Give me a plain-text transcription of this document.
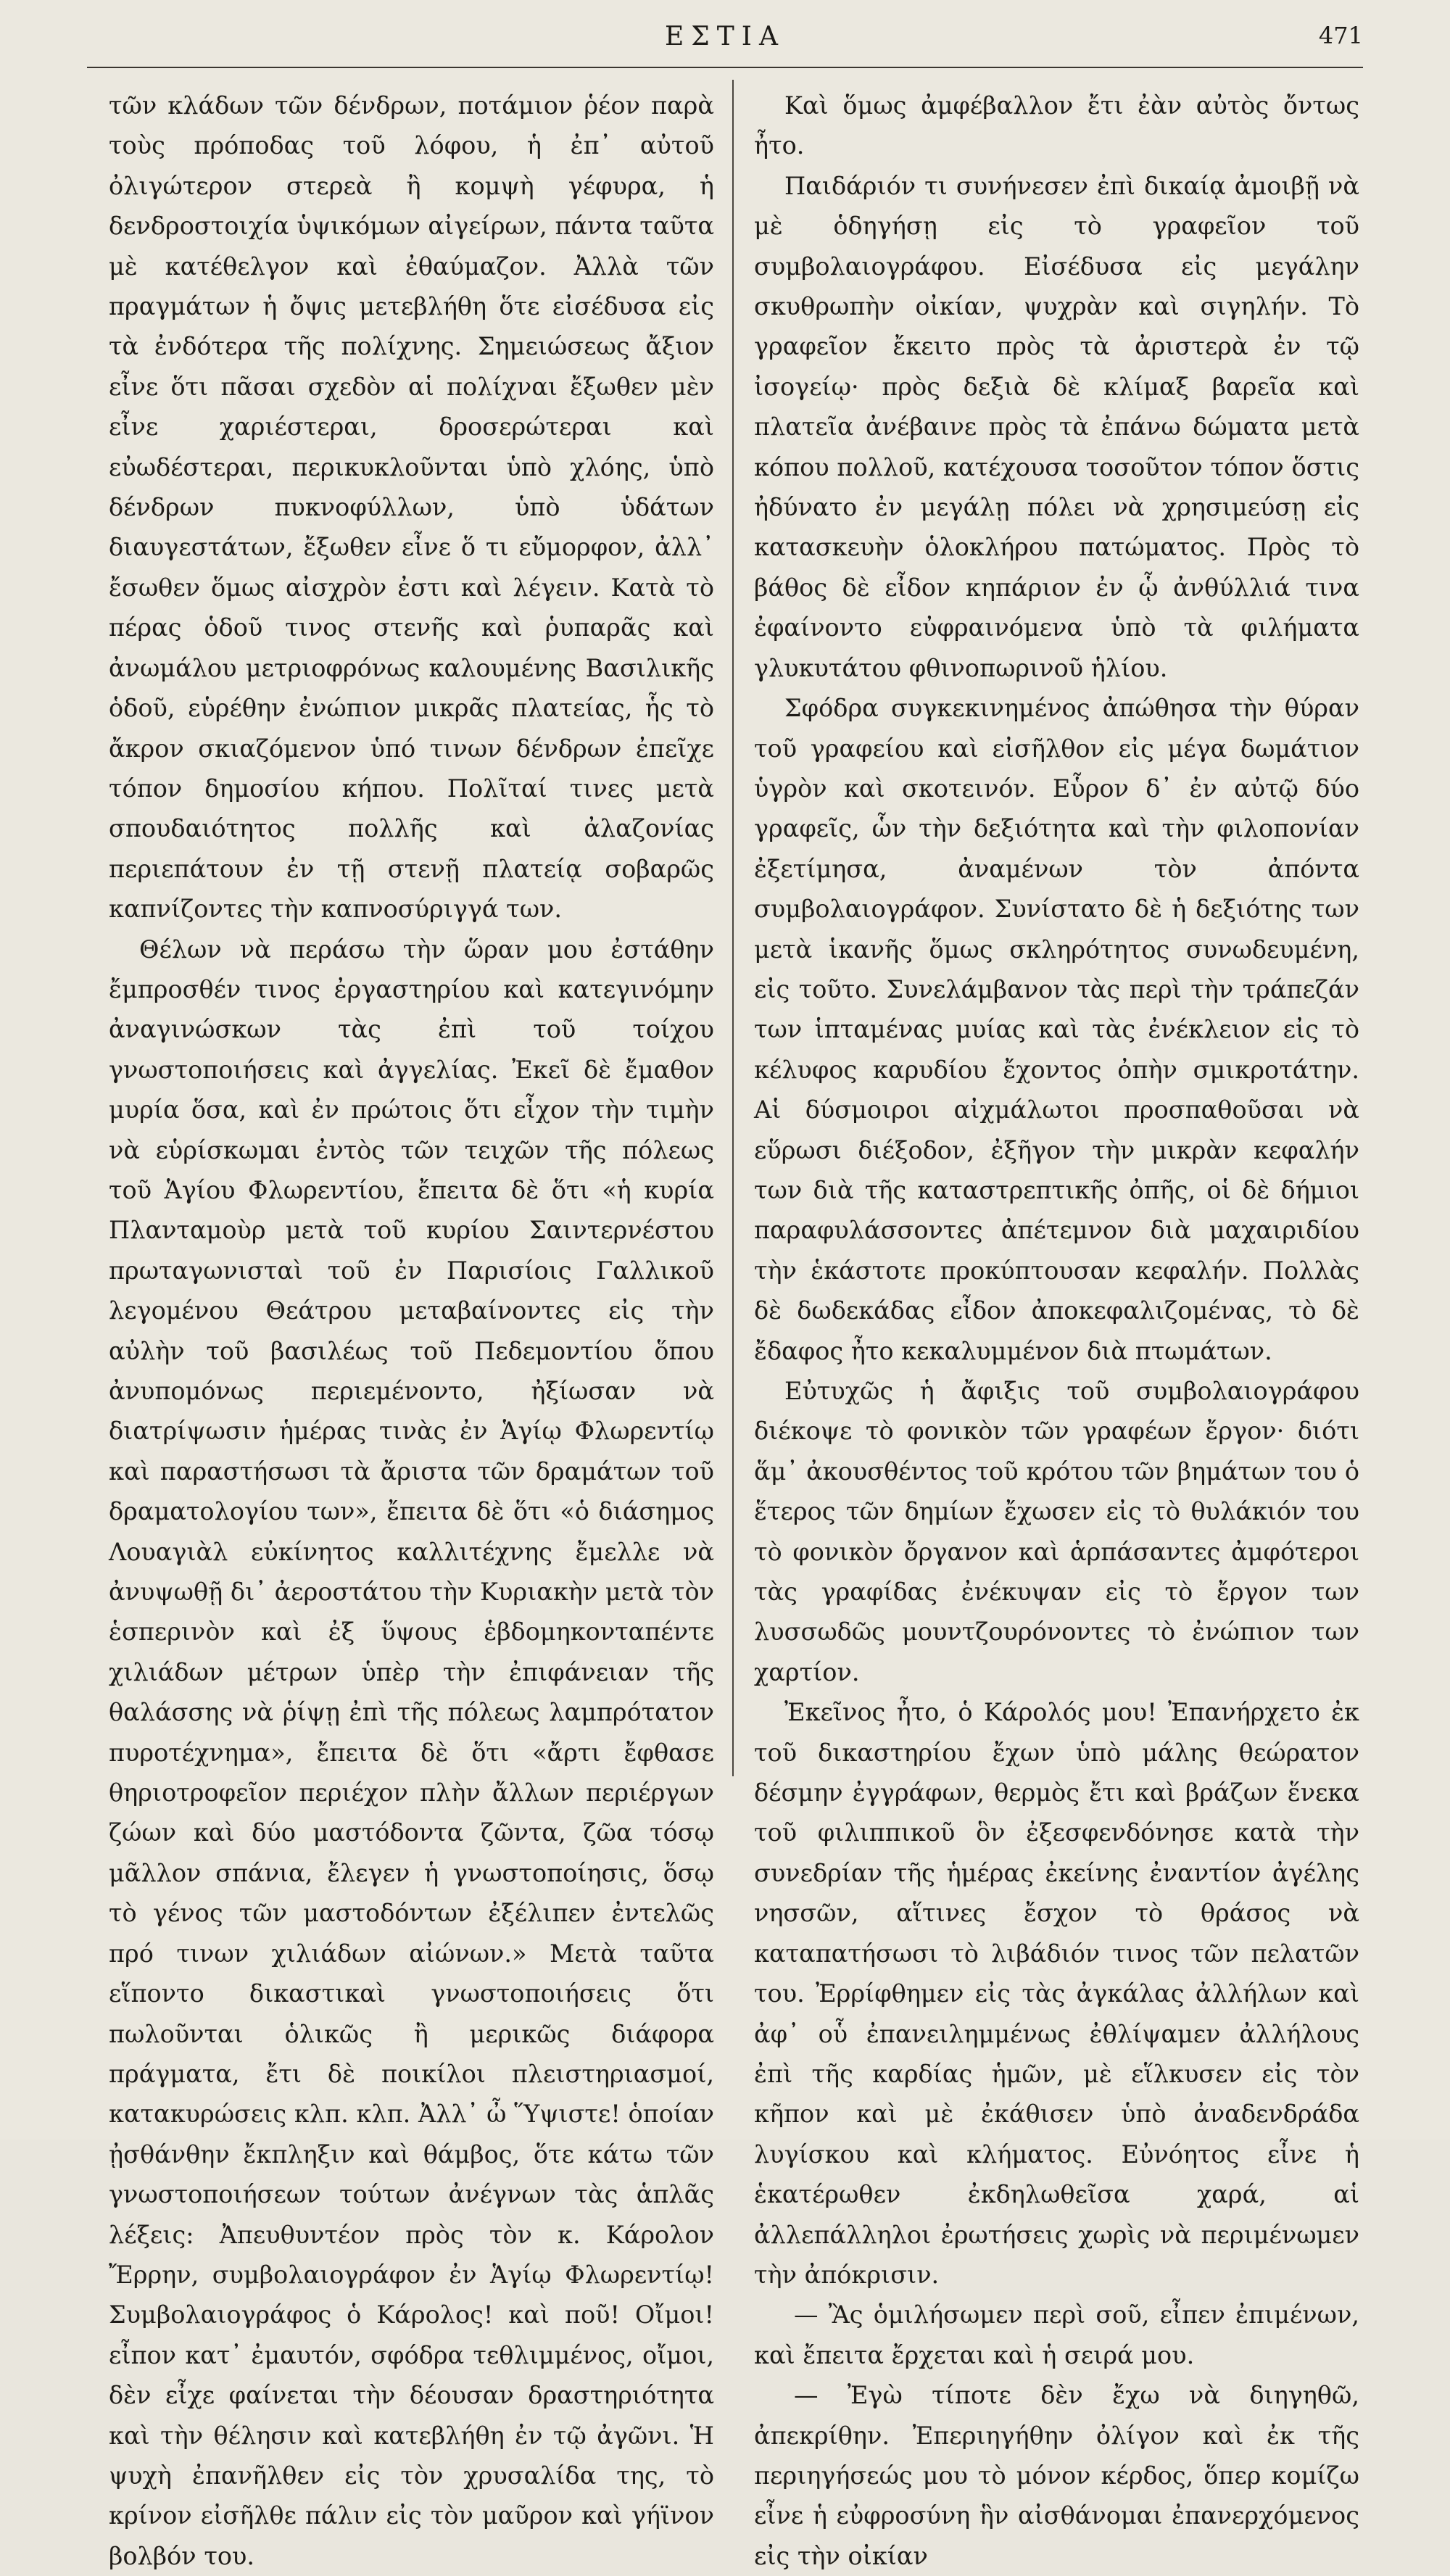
ΕΣΤΙΑ	471

τῶν κλάδων τῶν δένδρων, ποτάμιον ῥέον παρὰ τοὺς πρόποδας τοῦ λόφου, ἡ ἐπ᾽ αὐτοῦ ὀλιγώτερον στερεὰ ἢ κομψὴ γέφυρα, ἡ δενδροστοιχία ὑψικόμων αἰγείρων, πάντα ταῦτα μὲ κατέθελγον καὶ ἐθαύμαζον. Ἀλλὰ τῶν πραγμάτων ἡ ὄψις μετεβλήθη ὅτε εἰσέδυσα εἰς τὰ ἐνδότερα τῆς πολίχνης. Σημειώσεως ἄξιον εἶνε ὅτι πᾶσαι σχεδὸν αἱ πολίχναι ἔξωθεν μὲν εἶνε χαριέστεραι, δροσερώτεραι καὶ εὐωδέστεραι, περικυκλοῦνται ὑπὸ χλόης, ὑπὸ δένδρων πυκνοφύλλων, ὑπὸ ὑδάτων διαυγεστάτων, ἔξωθεν εἶνε ὅ τι εὔμορφον, ἀλλ᾽ ἔσωθεν ὅμως αἰσχρὸν ἐστι καὶ λέγειν. Κατὰ τὸ πέρας ὁδοῦ τινος στενῆς καὶ ῥυπαρᾶς καὶ ἀνωμάλου μετριοφρόνως καλουμένης Βασιλικῆς ὁδοῦ, εὑρέθην ἐνώπιον μικρᾶς πλατείας, ἧς τὸ ἄκρον σκιαζόμενον ὑπό τινων δένδρων ἐπεῖχε τόπον δημοσίου κήπου. Πολῖταί τινες μετὰ σπουδαιότητος πολλῆς καὶ ἀλαζονίας περιεπάτουν ἐν τῇ στενῇ πλατείᾳ σοβαρῶς καπνίζοντες τὴν καπνοσύριγγά των.

Θέλων νὰ περάσω τὴν ὥραν μου ἐστάθην ἔμπροσθέν τινος ἐργαστηρίου καὶ κατεγινόμην ἀναγινώσκων τὰς ἐπὶ τοῦ τοίχου γνωστοποιήσεις καὶ ἀγγελίας. Ἐκεῖ δὲ ἔμαθον μυρία ὅσα, καὶ ἐν πρώτοις ὅτι εἶχον τὴν τιμὴν νὰ εὑρίσκωμαι ἐντὸς τῶν τειχῶν τῆς πόλεως τοῦ Ἁγίου Φλωρεντίου, ἔπειτα δὲ ὅτι «ἡ κυρία Πλανταμοὺρ μετὰ τοῦ κυρίου Σαιντερνέστου πρωταγωνισταὶ τοῦ ἐν Παρισίοις Γαλλικοῦ λεγομένου Θεάτρου μεταβαίνοντες εἰς τὴν αὐλὴν τοῦ βασιλέως τοῦ Πεδεμοντίου ὅπου ἀνυπομόνως περιεμένοντο, ἠξίωσαν νὰ διατρίψωσιν ἡμέρας τινὰς ἐν Ἁγίῳ Φλωρεντίῳ καὶ παραστήσωσι τὰ ἄριστα τῶν δραμάτων τοῦ δραματολογίου των», ἔπειτα δὲ ὅτι «ὁ διάσημος Λουαγιὰλ εὐκίνητος καλλιτέχνης ἔμελλε νὰ ἀνυψωθῇ δι᾽ ἀεροστάτου τὴν Κυριακὴν μετὰ τὸν ἑσπερινὸν καὶ ἐξ ὕψους ἑβδομηκονταπέντε χιλιάδων μέτρων ὑπὲρ τὴν ἐπιφάνειαν τῆς θαλάσσης νὰ ῥίψῃ ἐπὶ τῆς πόλεως λαμπρότατον πυροτέχνημα», ἔπειτα δὲ ὅτι «ἄρτι ἔφθασε θηριοτροφεῖον περιέχον πλὴν ἄλλων περιέργων ζώων καὶ δύο μαστόδοντα ζῶντα, ζῶα τόσῳ μᾶλλον σπάνια, ἔλεγεν ἡ γνωστοποίησις, ὅσῳ τὸ γένος τῶν μαστοδόντων ἐξέλιπεν ἐντελῶς πρό τινων χιλιάδων αἰώνων.» Μετὰ ταῦτα εἵποντο δικαστικαὶ γνωστοποιήσεις ὅτι πωλοῦνται ὁλικῶς ἢ μερικῶς διάφορα πράγματα, ἔτι δὲ ποικίλοι πλειστηριασμοί, κατακυρώσεις κλπ. κλπ. Ἀλλ᾽ ὦ Ὕψιστε! ὁποίαν ᾐσθάνθην ἔκπληξιν καὶ θάμβος, ὅτε κάτω τῶν γνωστοποιήσεων τούτων ἀνέγνων τὰς ἁπλᾶς λέξεις: Ἀπευθυντέον πρὸς τὸν κ. Κάρολον Ἔρρην, συμβολαιογράφον ἐν Ἁγίῳ Φλωρεντίῳ! Συμβολαιογράφος ὁ Κάρολος! καὶ ποῦ! Οἴμοι! εἶπον κατ᾽ ἐμαυτόν, σφόδρα τεθλιμμένος, οἴμοι, δὲν εἶχε φαίνεται τὴν δέουσαν δραστηριότητα καὶ τὴν θέλησιν καὶ κατεβλήθη ἐν τῷ ἀγῶνι. Ἡ ψυχὴ ἐπανῆλθεν εἰς τὸν χρυσαλίδα της, τὸ κρίνον εἰσῆλθε πάλιν εἰς τὸν μαῦρον καὶ γήϊνον βολβόν του.

Καὶ ὅμως ἀμφέβαλλον ἔτι ἐὰν αὐτὸς ὄντως ἦτο.

Παιδάριόν τι συνήνεσεν ἐπὶ δικαίᾳ ἀμοιβῇ νὰ μὲ ὁδηγήσῃ εἰς τὸ γραφεῖον τοῦ συμβολαιογράφου. Εἰσέδυσα εἰς μεγάλην σκυθρωπὴν οἰκίαν, ψυχρὰν καὶ σιγηλήν. Τὸ γραφεῖον ἔκειτο πρὸς τὰ ἀριστερὰ ἐν τῷ ἰσογείῳ· πρὸς δεξιὰ δὲ κλίμαξ βαρεῖα καὶ πλατεῖα ἀνέβαινε πρὸς τὰ ἐπάνω δώματα μετὰ κόπου πολλοῦ, κατέχουσα τοσοῦτον τόπον ὅστις ἠδύνατο ἐν μεγάλῃ πόλει νὰ χρησιμεύσῃ εἰς κατασκευὴν ὁλοκλήρου πατώματος. Πρὸς τὸ βάθος δὲ εἶδον κηπάριον ἐν ᾧ ἀνθύλλιά τινα ἐφαίνοντο εὐφραινόμενα ὑπὸ τὰ φιλήματα γλυκυτάτου φθινοπωρινοῦ ἡλίου.

Σφόδρα συγκεκινημένος ἀπώθησα τὴν θύραν τοῦ γραφείου καὶ εἰσῆλθον εἰς μέγα δωμάτιον ὑγρὸν καὶ σκοτεινόν. Εὗρον δ᾽ ἐν αὐτῷ δύο γραφεῖς, ὧν τὴν δεξιότητα καὶ τὴν φιλοπονίαν ἐξετίμησα, ἀναμένων τὸν ἀπόντα συμβολαιογράφον. Συνίστατο δὲ ἡ δεξιότης των μετὰ ἱκανῆς ὅμως σκληρότητος συνωδευμένη, εἰς τοῦτο. Συνελάμβανον τὰς περὶ τὴν τράπεζάν των ἱπταμένας μυίας καὶ τὰς ἐνέκλειον εἰς τὸ κέλυφος καρυδίου ἔχοντος ὀπὴν σμικροτάτην. Αἱ δύσμοιροι αἰχμάλωτοι προσπαθοῦσαι νὰ εὕρωσι διέξοδον, ἐξῆγον τὴν μικρὰν κεφαλήν των διὰ τῆς καταστρεπτικῆς ὀπῆς, οἱ δὲ δήμιοι παραφυλάσσοντες ἀπέτεμνον διὰ μαχαιριδίου τὴν ἑκάστοτε προκύπτουσαν κεφαλήν. Πολλὰς δὲ δωδεκάδας εἶδον ἀποκεφαλιζομένας, τὸ δὲ ἔδαφος ἦτο κεκαλυμμένον διὰ πτωμάτων.

Εὐτυχῶς ἡ ἄφιξις τοῦ συμβολαιογράφου διέκοψε τὸ φονικὸν τῶν γραφέων ἔργον· διότι ἅμ᾽ ἀκουσθέντος τοῦ κρότου τῶν βημάτων του ὁ ἕτερος τῶν δημίων ἔχωσεν εἰς τὸ θυλάκιόν του τὸ φονικὸν ὄργανον καὶ ἁρπάσαντες ἀμφότεροι τὰς γραφίδας ἐνέκυψαν εἰς τὸ ἔργον των λυσσωδῶς μουντζουρόνοντες τὸ ἐνώπιον των χαρτίον.

Ἐκεῖνος ἦτο, ὁ Κάρολός μου! Ἐπανήρχετο ἐκ τοῦ δικαστηρίου ἔχων ὑπὸ μάλης θεώρατον δέσμην ἐγγράφων, θερμὸς ἔτι καὶ βράζων ἕνεκα τοῦ φιλιππικοῦ ὃν ἐξεσφενδόνησε κατὰ τὴν συνεδρίαν τῆς ἡμέρας ἐκείνης ἐναντίον ἀγέλης νησσῶν, αἵτινες ἔσχον τὸ θράσος νὰ καταπατήσωσι τὸ λιβάδιόν τινος τῶν πελατῶν του. Ἐρρίφθημεν εἰς τὰς ἀγκάλας ἀλλήλων καὶ ἀφ᾽ οὗ ἐπανειλημμένως ἐθλίψαμεν ἀλλήλους ἐπὶ τῆς καρδίας ἡμῶν, μὲ εἵλκυσεν εἰς τὸν κῆπον καὶ μὲ ἐκάθισεν ὑπὸ ἀναδενδράδα λυγίσκου καὶ κλήματος. Εὐνόητος εἶνε ἡ ἑκατέρωθεν ἐκδηλωθεῖσα χαρά, αἱ ἀλλεπάλληλοι ἐρωτήσεις χωρὶς νὰ περιμένωμεν τὴν ἀπόκρισιν.

— Ἂς ὁμιλήσωμεν περὶ σοῦ, εἶπεν ἐπιμένων, καὶ ἔπειτα ἔρχεται καὶ ἡ σειρά μου.

— Ἐγὼ τίποτε δὲν ἔχω νὰ διηγηθῶ, ἀπεκρίθην. Ἐπεριηγήθην ὀλίγον καὶ ἐκ τῆς περιηγήσεώς μου τὸ μόνον κέρδος, ὅπερ κομίζω εἶνε ἡ εὐφροσύνη ἣν αἰσθάνομαι ἐπανερχόμενος εἰς τὴν οἰκίαν
